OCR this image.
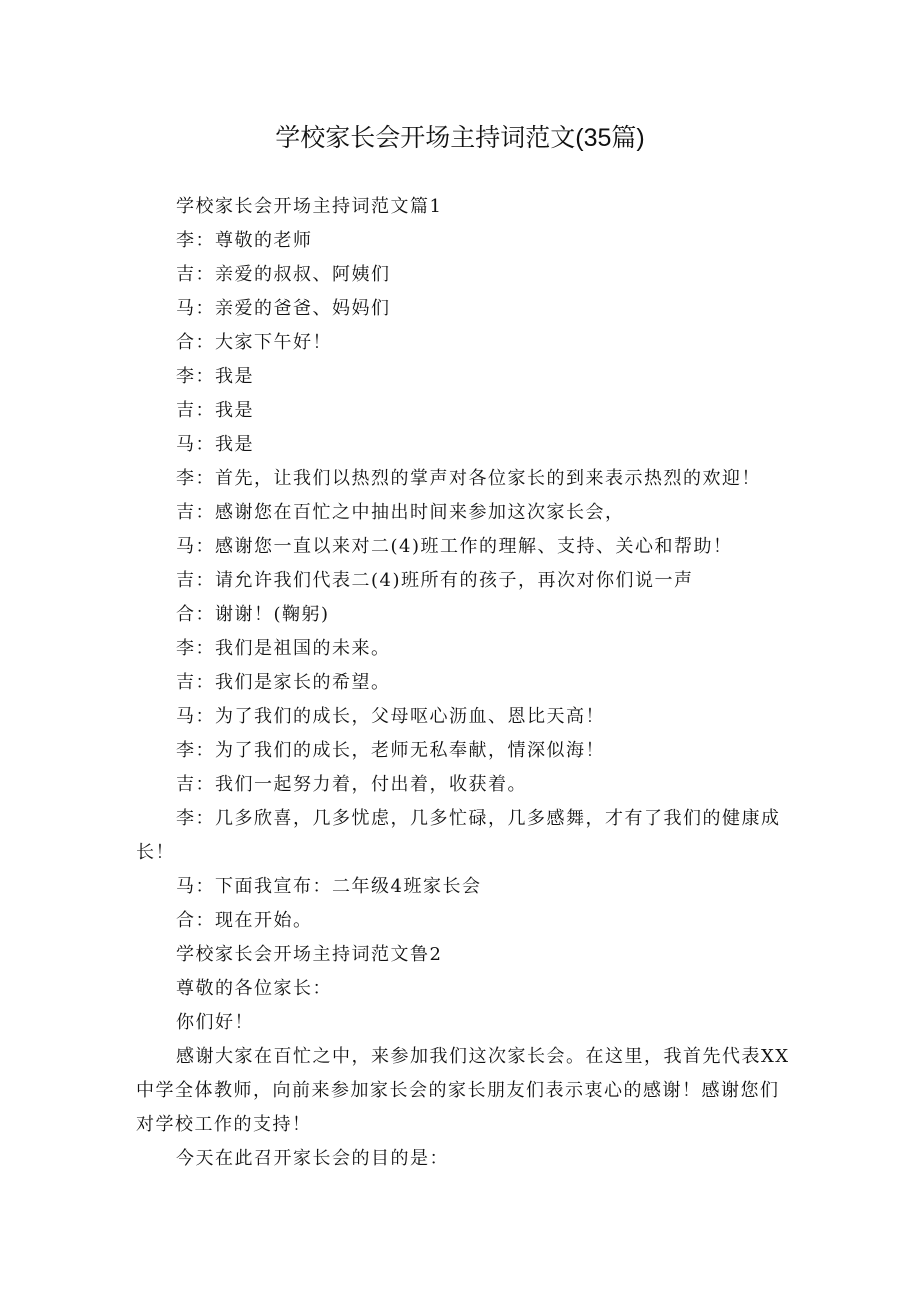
学校家长会开场主持词范文(35篇)

学校家长会开场主持词范文篇1

李：尊敬的老师

吉：亲爱的叔叔、阿姨们

马：亲爱的爸爸、妈妈们

合：大家下午好！

李：我是

吉：我是

马：我是

李：首先，让我们以热烈的掌声对各位家长的到来表示热烈的欢迎！

吉：感谢您在百忙之中抽出时间来参加这次家长会，

马：感谢您一直以来对二(4)班工作的理解、支持、关心和帮助！

吉：请允许我们代表二(4)班所有的孩子，再次对你们说一声

合：谢谢！(鞠躬)

李：我们是祖国的未来。

吉：我们是家长的希望。

马：为了我们的成长，父母呕心沥血、恩比天高！

李：为了我们的成长，老师无私奉献，情深似海！

吉：我们一起努力着，付出着，收获着。

李：几多欣喜，几多忧虑，几多忙碌，几多感舞，才有了我们的健康成长！

马：下面我宣布：二年级4班家长会

合：现在开始。

学校家长会开场主持词范文鲁2

尊敬的各位家长：

你们好！

感谢大家在百忙之中，来参加我们这次家长会。在这里，我首先代表XX中学全体教师，向前来参加家长会的家长朋友们表示衷心的感谢！感谢您们对学校工作的支持！

今天在此召开家长会的目的是：
